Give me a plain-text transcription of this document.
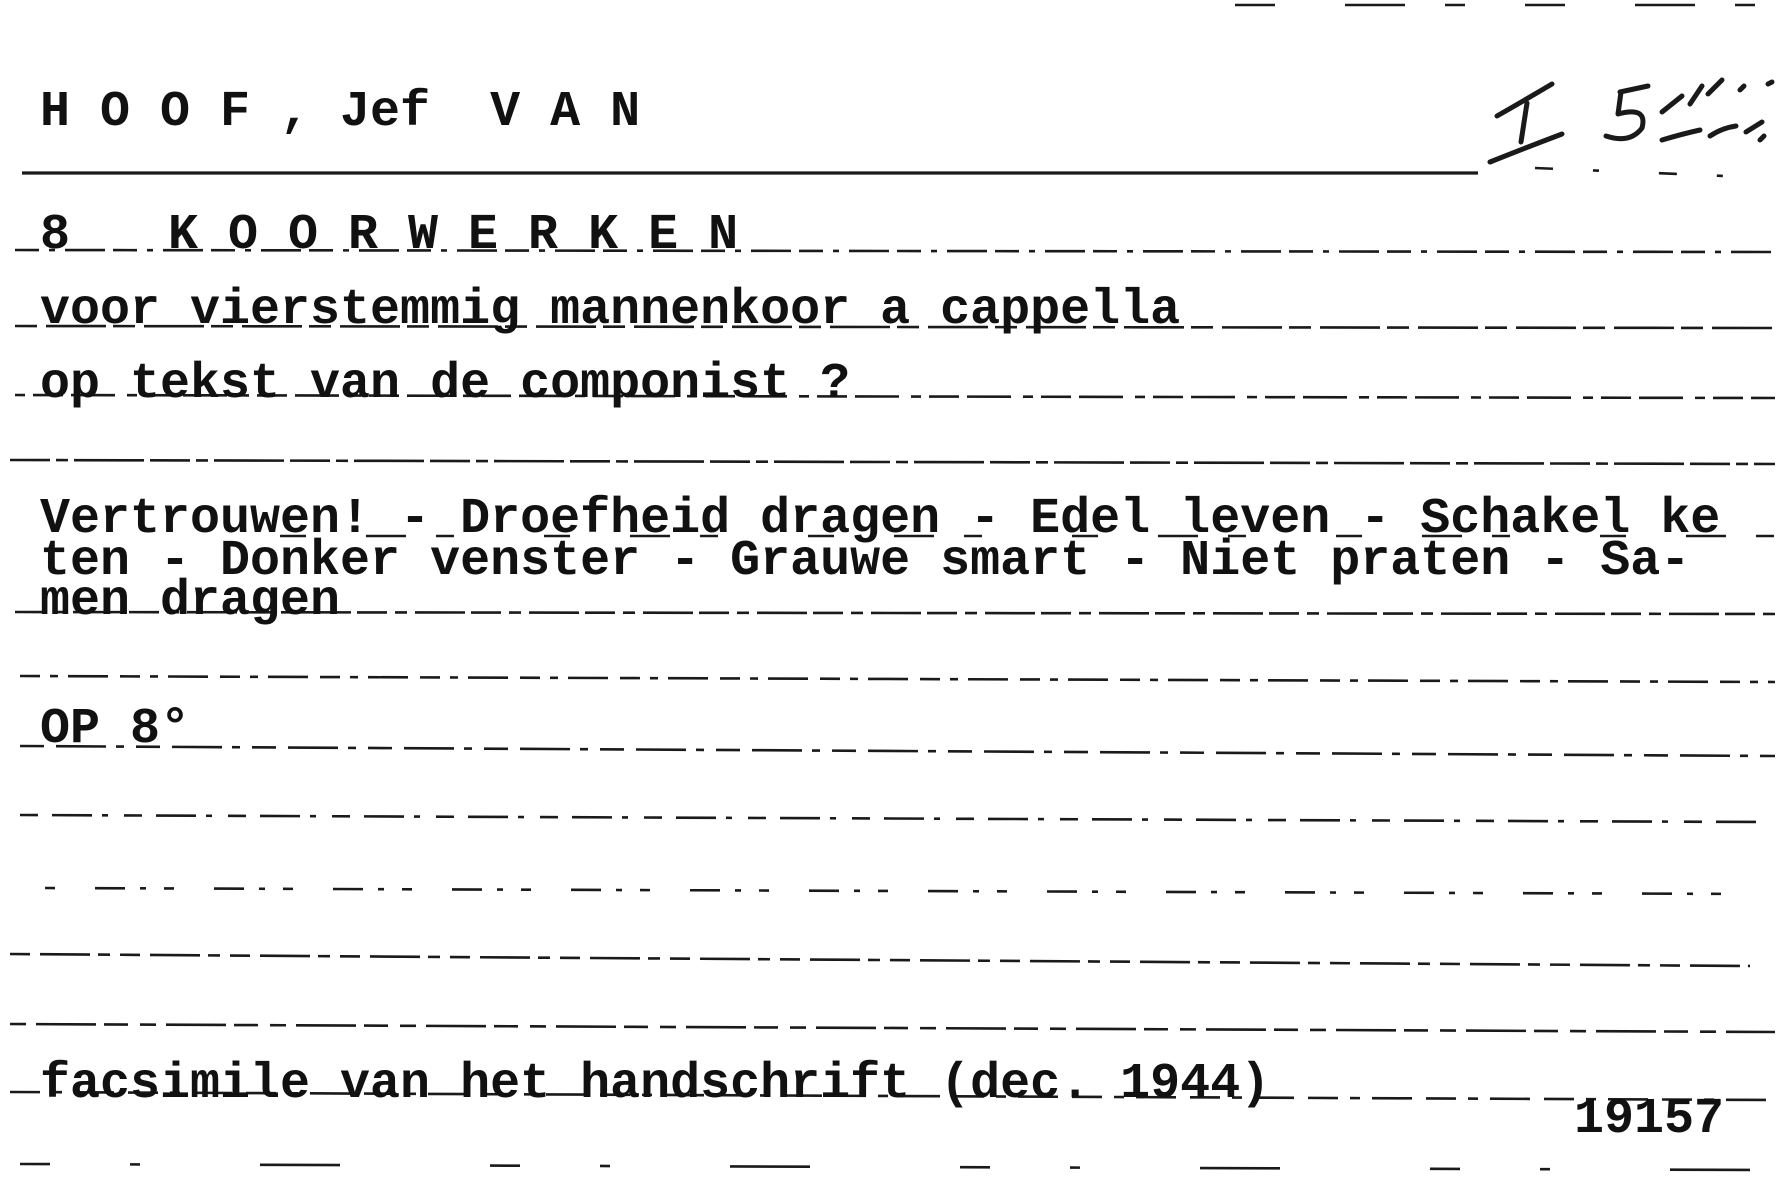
H O O F , Jef  V A N
8 K O O R W E R K E N
voor vierstemmig mannenkoor a cappella
op tekst van de componist ?
Vertrouwen! - Droefheid dragen - Edel leven - Schakel ke
ten - Donker venster - Grauwe smart - Niet praten - Sa-
men dragen
OP 8°
facsimile van het handschrift (dec. 1944)
19157
